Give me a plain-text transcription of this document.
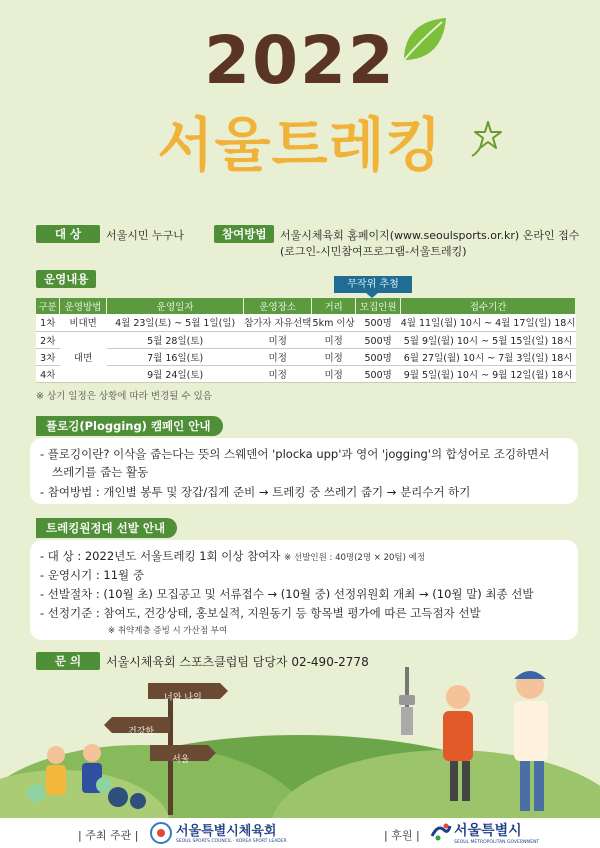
2022
서울트레킹
대 상	서울시민 누구나	참여방법	서울시체육회 홈페이지(www.seoulsports.or.kr) 온라인 접수
(로그인-시민참여프로그램-서울트레킹)
운영내용	무작위 추첨
구분	운영방법	운영일자	운영장소	거리	모집인원	접수기간
1차	비대면	4월 23일(토) ~ 5월 1일(일)	참가자 자유선택	5km 이상	500명	4월 11일(월) 10시 ~ 4월 17일(일) 18시
2차	대면	5월 28일(토)	미정	미정	500명	5월 9일(월) 10시 ~ 5월 15일(일) 18시
3차		7월 16일(토)	미정	미정	500명	6월 27일(월) 10시 ~ 7월 3일(일) 18시
4차		9월 24일(토)	미정	미정	500명	9월 5일(월) 10시 ~ 9월 12일(월) 18시
※ 상기 일정은 상황에 따라 변경될 수 있음
플로깅(Plogging) 캠페인 안내
- 플로깅이란? 이삭을 줍는다는 뜻의 스웨덴어 'plocka upp'과 영어 'jogging'의 합성어로 조깅하면서
쓰레기를 줍는 활동
- 참여방법 : 개인별 봉투 및 장갑/집게 준비 → 트레킹 중 쓰레기 줍기 → 분리수거 하기
트레킹원정대 선발 안내
- 대 상 : 2022년도 서울트레킹 1회 이상 참여자 ※ 선발인원 : 40명(2명 × 20팀) 예정
- 운영시기 : 11월 중
- 선발절차 : (10월 초) 모집공고 및 서류접수 → (10월 중) 선정위원회 개최 → (10월 말) 최종 선발
- 선정기준 : 참여도, 건강상태, 홍보실적, 지원동기 등 항목별 평가에 따른 고득점자 선발
※ 취약계층 증빙 시 가산점 부여
문 의	서울시체육회 스포츠클럽팀 담당자 02-490-2778
너와 나의
건강한
서울
| 주최 주관 |	서울특별시체육회
SEOUL SPORTS COUNCIL · KOREA SPORT LEADER	| 후원 | 서울특별시
SEOUL METROPOLITAN GOVERNMENT
